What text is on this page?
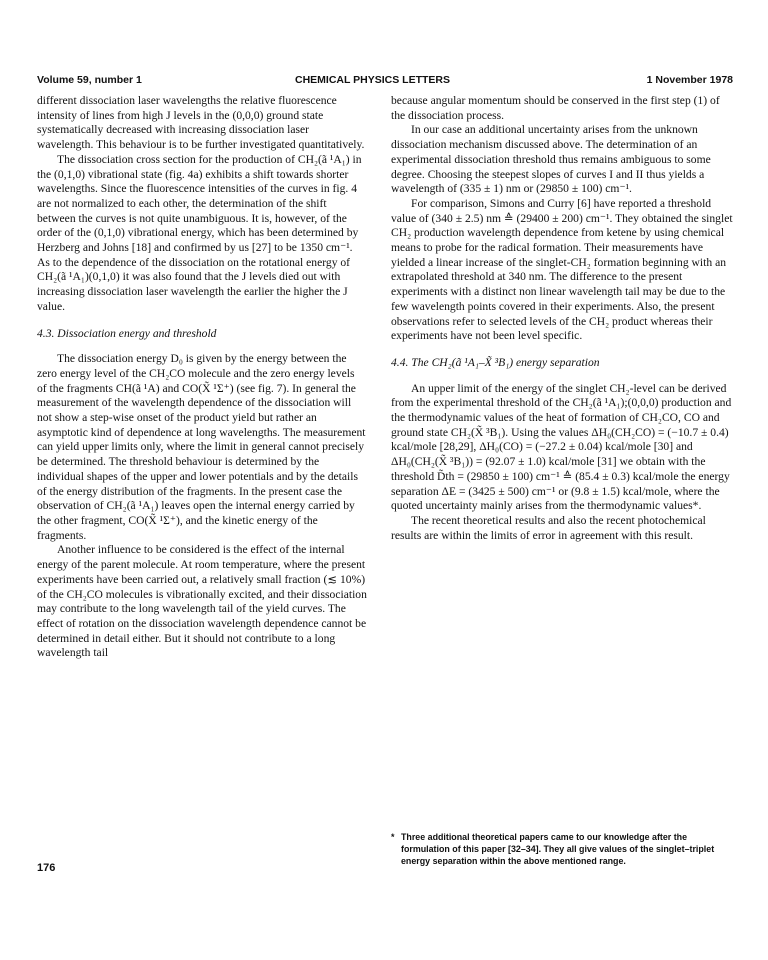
Volume 59, number 1	CHEMICAL PHYSICS LETTERS	1 November 1978

different dissociation laser wavelengths the relative fluorescence intensity of lines from high J levels in the (0,0,0) ground state systematically decreased with increasing dissociation laser wavelength. This behaviour is to be further investigated quantitatively.

The dissociation cross section for the production of CH₂(ã ¹A₁) in the (0,1,0) vibrational state (fig. 4a) exhibits a shift towards shorter wavelengths. Since the fluorescence intensities of the curves in fig. 4 are not normalized to each other, the determination of the shift between the curves is not quite unambiguous. It is, however, of the order of the (0,1,0) vibrational energy, which has been determined by Herzberg and Johns [18] and confirmed by us [27] to be 1350 cm⁻¹. As to the dependence of the dissociation on the rotational energy of CH₂(ã ¹A₁)(0,1,0) it was also found that the J levels died out with increasing dissociation laser wavelength the earlier the higher the J value.

4.3. Dissociation energy and threshold

The dissociation energy D₀ is given by the energy between the zero energy level of the CH₂CO molecule and the zero energy levels of the fragments CH(ã ¹A) and CO(X̃ ¹Σ⁺) (see fig. 7). In general the measurement of the wavelength dependence of the dissociation will not show a step-wise onset of the product yield but rather an asymptotic kind of dependence at long wavelengths. The measurement can yield upper limits only, where the limit in general cannot precisely be determined. The threshold behaviour is determined by the individual shapes of the upper and lower potentials and by the details of the energy distribution of the fragments. In the present case the observation of CH₂(ã ¹A₁) leaves open the internal energy carried by the other fragment, CO(X̃ ¹Σ⁺), and the kinetic energy of the fragments.

Another influence to be considered is the effect of the internal energy of the parent molecule. At room temperature, where the present experiments have been carried out, a relatively small fraction (≲ 10%) of the CH₂CO molecules is vibrationally excited, and their dissociation may contribute to the long wavelength tail of the yield curves. The effect of rotation on the dissociation wavelength dependence cannot be determined in detail either. But it should not contribute to a long wavelength tail

because angular momentum should be conserved in the first step (1) of the dissociation process.

In our case an additional uncertainty arises from the unknown dissociation mechanism discussed above. The determination of an experimental dissociation threshold thus remains ambiguous to some degree. Choosing the steepest slopes of curves I and II thus yields a wavelength of (335 ± 1) nm or (29850 ± 100) cm⁻¹.

For comparison, Simons and Curry [6] have reported a threshold value of (340 ± 2.5) nm ≙ (29400 ± 200) cm⁻¹. They obtained the singlet CH₂ production wavelength dependence from ketene by using chemical means to probe for the radical formation. Their measurements have yielded a linear increase of the singlet-CH₂ formation beginning with an extrapolated threshold at 340 nm. The difference to the present experiments with a distinct non linear wavelength tail may be due to the few wavelength points covered in their experiments. Also, the present observations refer to selected levels of the CH₂ product whereas their experiments have not been level specific.

4.4. The CH₂(ã ¹A₁–X̃ ³B₁) energy separation

An upper limit of the energy of the singlet CH₂-level can be derived from the experimental threshold of the CH₂(ã ¹A₁);(0,0,0) production and the thermodynamic values of the heat of formation of CH₂CO, CO and ground state CH₂(X̃ ³B₁). Using the values ΔH₀(CH₂CO) = (−10.7 ± 0.4) kcal/mole [28,29], ΔH₀(CO) = (−27.2 ± 0.04) kcal/mole [30] and ΔH₀(CH₂(X̃ ³B₁)) = (92.07 ± 1.0) kcal/mole [31] we obtain with the threshold D̃th = (29850 ± 100) cm⁻¹ ≙ (85.4 ± 0.3) kcal/mole the energy separation ΔE = (3425 ± 500) cm⁻¹ or (9.8 ± 1.5) kcal/mole, where the quoted uncertainty mainly arises from the thermodynamic values*.

The recent theoretical results and also the recent photochemical results are within the limits of error in agreement with this result.

* Three additional theoretical papers came to our knowledge after the formulation of this paper [32–34]. They all give values of the singlet–triplet energy separation within the above mentioned range.
176
